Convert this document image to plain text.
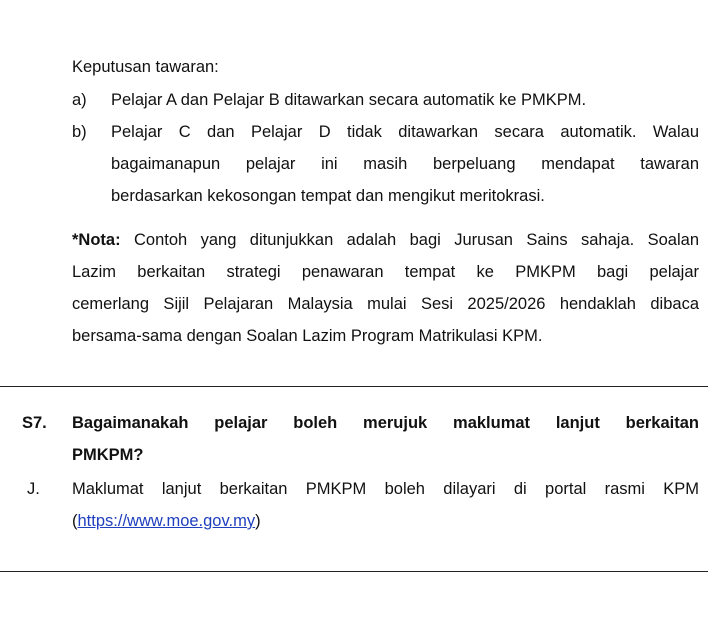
Keputusan tawaran:
a) Pelajar A dan Pelajar B ditawarkan secara automatik ke PMKPM.
b) Pelajar C dan Pelajar D tidak ditawarkan secara automatik. Walau
bagaimanapun pelajar ini masih berpeluang mendapat tawaran
berdasarkan kekosongan tempat dan mengikut meritokrasi.
*Nota: Contoh yang ditunjukkan adalah bagi Jurusan Sains sahaja. Soalan
Lazim berkaitan strategi penawaran tempat ke PMKPM bagi pelajar
cemerlang Sijil Pelajaran Malaysia mulai Sesi 2025/2026 hendaklah dibaca
bersama-sama dengan Soalan Lazim Program Matrikulasi KPM.
S7. Bagaimanakah pelajar boleh merujuk maklumat lanjut berkaitan
PMKPM?
J. Maklumat lanjut berkaitan PMKPM boleh dilayari di portal rasmi KPM
(https://www.moe.gov.my)
